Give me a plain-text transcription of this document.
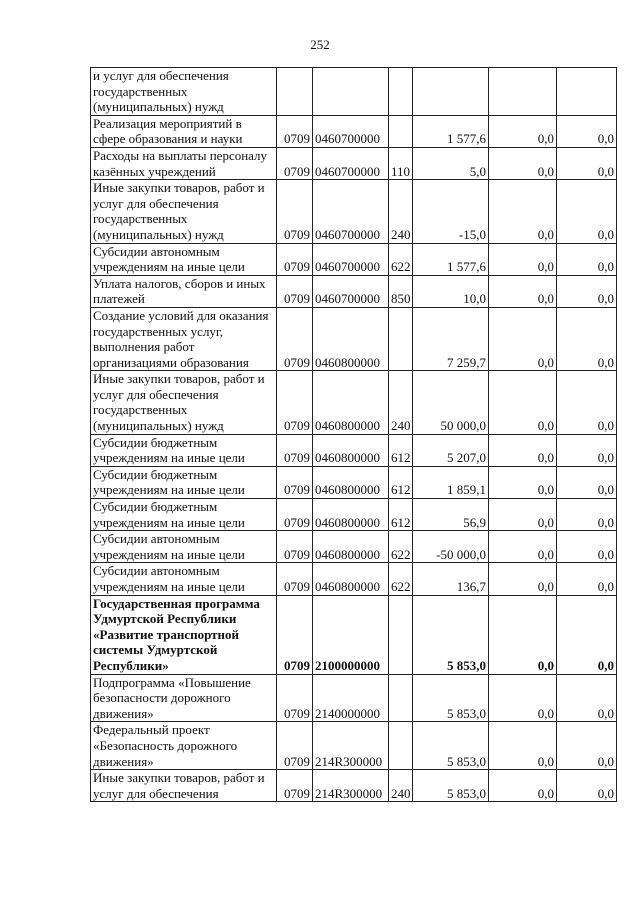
252
и услуг для обеспечения государственных (муниципальных) нужд						
Реализация мероприятий в сфере образования и науки	0709	0460700000		1 577,6	0,0	0,0
Расходы на выплаты персоналу казённых учреждений	0709	0460700000	110	5,0	0,0	0,0
Иные закупки товаров, работ и услуг для обеспечения государственных (муниципальных) нужд	0709	0460700000	240	-15,0	0,0	0,0
Субсидии автономным учреждениям на иные цели	0709	0460700000	622	1 577,6	0,0	0,0
Уплата налогов, сборов и иных платежей	0709	0460700000	850	10,0	0,0	0,0
Создание условий для оказания государственных услуг, выполнения работ организациями образования	0709	0460800000		7 259,7	0,0	0,0
Иные закупки товаров, работ и услуг для обеспечения государственных (муниципальных) нужд	0709	0460800000	240	50 000,0	0,0	0,0
Субсидии бюджетным учреждениям на иные цели	0709	0460800000	612	5 207,0	0,0	0,0
Субсидии бюджетным учреждениям на иные цели	0709	0460800000	612	1 859,1	0,0	0,0
Субсидии бюджетным учреждениям на иные цели	0709	0460800000	612	56,9	0,0	0,0
Субсидии автономным учреждениям на иные цели	0709	0460800000	622	-50 000,0	0,0	0,0
Субсидии автономным учреждениям на иные цели	0709	0460800000	622	136,7	0,0	0,0
Государственная программа Удмуртской Республики «Развитие транспортной системы Удмуртской Республики»	0709	2100000000		5 853,0	0,0	0,0
Подпрограмма «Повышение безопасности дорожного движения»	0709	2140000000		5 853,0	0,0	0,0
Федеральный проект «Безопасность дорожного движения»	0709	214R300000		5 853,0	0,0	0,0
Иные закупки товаров, работ и услуг для обеспечения	0709	214R300000	240	5 853,0	0,0	0,0
